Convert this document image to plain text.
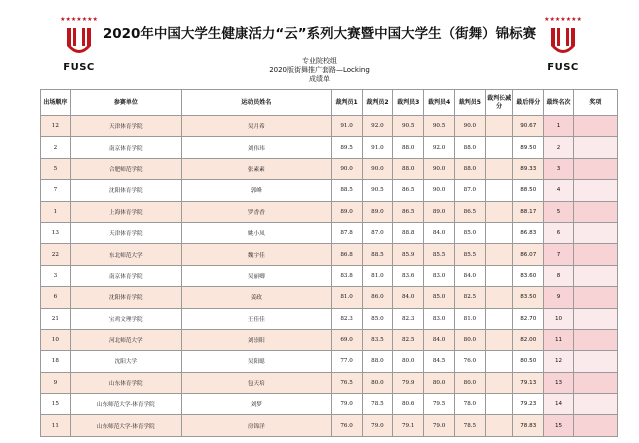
★★★★★★★
FUSC
★★★★★★★
FUSC
2020年中国大学生健康活力“云”系列大赛暨中国大学生（街舞）锦标赛
专业院校组
2020版街舞推广套路—Locking
成绩单
出场顺序	参赛单位	运动员姓名	裁判员1	裁判员2	裁判员3	裁判员4	裁判员5	裁判长减分	最后得分	最终名次	奖项
12	天津体育学院	吴月希	91.0	92.0	90.5	90.5	90.0		90.67	1	
2	南京体育学院	刘伟玮	89.5	91.0	88.0	92.0	88.0		89.50	2	
5	合肥师范学院	张素素	90.0	90.0	88.0	90.0	88.0		89.33	3	
7	沈阳体育学院	郭峰	88.5	90.5	86.5	90.0	87.0		88.50	4	
1	上海体育学院	罗香香	89.0	89.0	86.5	89.0	86.5		88.17	5	
13	天津体育学院	姚小凤	87.8	87.0	88.8	84.0	85.0		86.83	6	
22	东北师范大学	魏宇佳	86.8	88.5	85.9	85.5	85.5		86.07	7	
3	南京体育学院	吴丽卿	83.8	81.0	83.6	83.0	84.0		83.60	8	
6	沈阳体育学院	姜政	81.0	86.0	84.0	85.0	82.5		83.50	9	
21	宝鸡文理学院	王佳佳	82.3	85.0	82.3	83.0	81.0		82.70	10	
10	河北师范大学	刘崇阳	69.0	83.5	82.5	84.0	80.0		82.00	11	
18	沈阳大学	吴阳聪	77.0	88.0	80.0	84.5	76.0		80.50	12	
9	山东体育学院	包天培	76.5	80.0	79.9	80.0	80.0		79.13	13	
15	山东师范大学-体育学院	刘梦	79.0	78.5	80.6	79.5	78.0		79.23	14	
11	山东师范大学-体育学院	房锦洋	76.0	79.0	79.1	79.0	78.5		78.83	15	
